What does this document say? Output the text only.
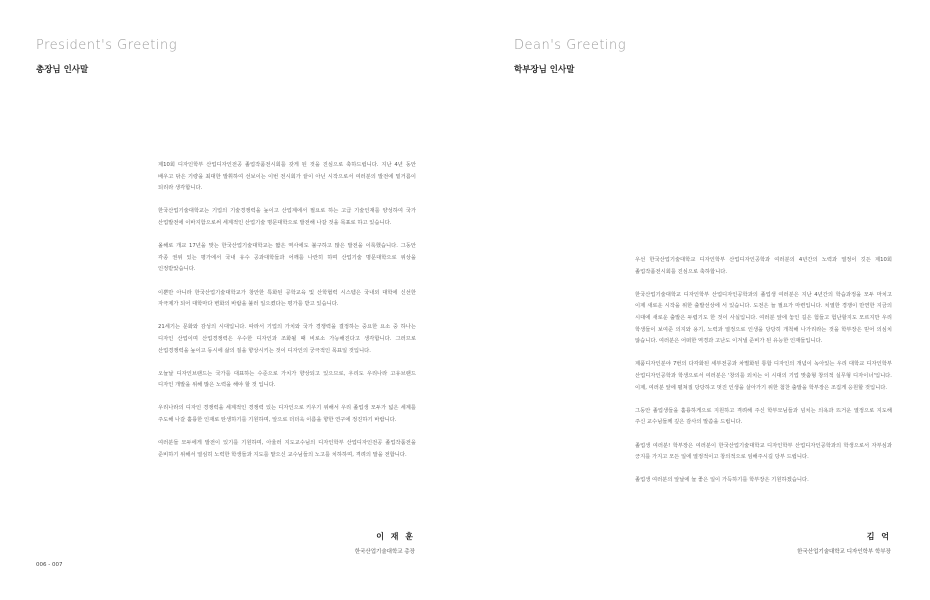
President's Greeting
총장님 인사말

제10회 디자인학부 산업디자인전공 졸업작품전시회를 갖게 된 것을 진심으로 축하드립니다. 지난 4년 동안 배우고 닦은 기량을 최대한 발휘하여 선보이는 이번 전시회가 끝이 아닌 시작으로서 여러분의 발전에 밑거름이 되리라 생각합니다.

한국산업기술대학교는 기업의 기술경쟁력을 높이고 산업계에서 필요로 하는 고급 기술인재를 양성하여 국가 산업발전에 이바지함으로써 세계적인 산업기술 명문대학으로 발전해 나갈 것을 목표로 하고 있습니다.

올해로 개교 17년을 맞는 한국산업기술대학교는 짧은 역사에도 불구하고 많은 발전을 이룩했습니다. 그동안 각종 권위 있는 평가에서 국내 유수 공과대학들과 어깨를 나란히 하며 산업기술 명문대학으로 위상을 인정받았습니다.

이뿐만 아니라 한국산업기술대학교가 창안한 특화된 공학교육 및 산학협력 시스템은 국내외 대학에 신선한 자극제가 되어 대학마다 변화의 바람을 불러 일으켰다는 평가를 받고 있습니다.

21세기는 문화와 감성의 시대입니다. 따라서 기업의 가치와 국가 경쟁력을 결정하는 중요한 요소 중 하나는 디자인 산업이며 산업경쟁력은 우수한 디자인과 조화될 때 비로소 가능해진다고 생각합니다. 그러므로 산업경쟁력을 높이고 동시에 삶의 질을 향상시키는 것이 디자인의 궁극적인 목표일 것입니다.

오늘날 디자인브랜드는 국가를 대표하는 수준으로 가치가 향상되고 있으므로, 우리도 우리나라 고유브랜드 디자인 개발을 위해 많은 노력을 해야 할 것 입니다.

우리나라의 디자인 경쟁력을 세계적인 경쟁력 있는 디자인으로 키우기 위해서 우리 졸업생 모두가 넓은 세계를 주도해 나갈 훌륭한 인재로 탄생하기를 기원하며, 앞으로 더더욱 이름을 향한 연구에 정진하기 바랍니다.

여러분들 모두에게 발전이 있기를 기원하며, 아울러 지도교수님의 디자인학부 산업디자인전공 졸업작품전을 준비하기 위해서 열심히 노력한 학생들과 지도를 맡으신 교수님들의 노고를 치하하며, 격려의 말을 전합니다.

이 재 훈
한국산업기술대학교 총장
006 - 007
Dean's Greeting
학부장님 인사말

우선 한국산업기술대학교 디자인학부 산업디자인공학과 여러분의 4년간의 노력과 열정이 깃든 제10회 졸업작품전시회를 진심으로 축하합니다.

한국산업기술대학교 디자인학부 산업디자인공학과의 졸업생 여러분은 지난 4년간의 학습과정을 모두 마치고 이제 새로운 시작을 위한 출발선상에 서 있습니다. 도전은 늘 필요가 마련입니다. 치열한 경쟁이 만연한 지금의 시대에 새로운 출발은 두렵기도 한 것이 사실입니다. 여러분 앞에 놓인 길은 험들고 험난할지도 모르지만 우리 학생들이 보여준 의지와 용기, 노력과 열정으로 인생을 당당히 개척해 나가리라는 것을 학부장은 믿어 의심치 않습니다. 여러분은 어떠한 역경과 고난도 이겨낼 준비가 된 유능한 인재들입니다.

제품디자인분야 7번의 다각화된 세부전공과 차별화된 통합 디자인의 개념이 녹아있는 우리 대학교 디자인학부 산업디자인공학과 학생으로서 여러분은 '창의를 외치는 이 시대의 기업 맞춤형 창의적 실무형 디자이너'입니다. 이제, 여러분 앞에 펼쳐질 당당하고 멋진 인생을 살아가기 위한 첨찬 출발을 학부장은 조집게 응원할 것입니다.

그동안 졸업생들을 훌륭하게으로 지원하고 격려해 주신 학부모님들과 넘치는 의욕과 뜨거운 열정으로 지도해 주신 교수님들께 깊은 감사의 말씀을 드립니다.

졸업생 여러분! 학부장은 여러분이 한국산업기술대학교 디자인학부 산업디자인공학과의 학생으로서 자부심과 긍지를 가지고 모든 일에 열정적이고 창의적으로 임해주시길 당부 드립니다.

졸업생 여러분의 앞날에 늘 좋은 일이 가득하기를 학부장은 기원하겠습니다.

김 억
한국산업기술대학교 디자인학부 학부장
